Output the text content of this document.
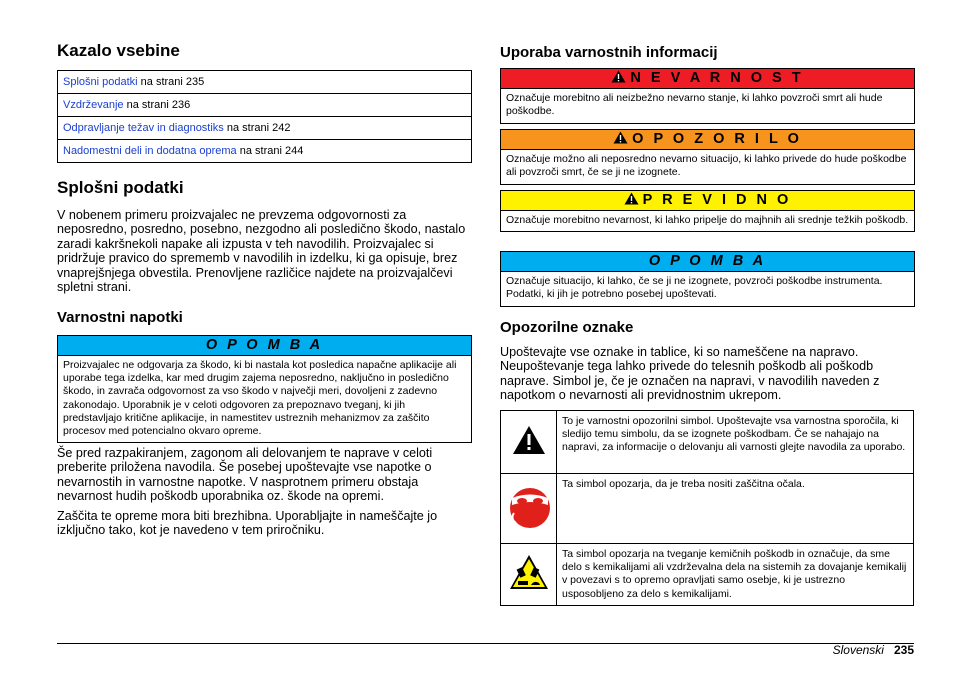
Kazalo vsebine
Splošni podatki na strani 235
Vzdrževanje na strani 236
Odpravljanje težav in diagnostiks na strani 242
Nadomestni deli in dodatna oprema na strani 244
Splošni podatki

V nobenem primeru proizvajalec ne prevzema odgovornosti za neposredno, posredno, posebno, nezgodno ali posledično škodo, nastalo zaradi kakršnekoli napake ali izpusta v teh navodilih. Proizvajalec si pridržuje pravico do sprememb v navodilih in izdelku, ki ga opisuje, brez vnaprejšnjega obvestila. Prenovljene različice najdete na proizvajalčevi spletni strani.

Varnostni napotki
O P O M B A
Proizvajalec ne odgovarja za škodo, ki bi nastala kot posledica napačne aplikacije ali uporabe tega izdelka, kar med drugim zajema neposredno, naključno in posledično škodo, in zavrača odgovornost za vso škodo v največji meri, dovoljeni z zadevno zakonodajo. Uporabnik je v celoti odgovoren za prepoznavo tveganj, ki jih predstavljajo kritične aplikacije, in namestitev ustreznih mehanizmov za zaščito procesov med potencialno okvaro opreme.

Še pred razpakiranjem, zagonom ali delovanjem te naprave v celoti preberite priložena navodila. Še posebej upoštevajte vse napotke o nevarnostih in varnostne napotke. V nasprotnem primeru obstaja nevarnost hudih poškodb uporabnika oz. škode na opremi.

Zaščita te opreme mora biti brezhibna. Uporabljajte in nameščajte jo izključno tako, kot je navedeno v tem priročniku.

Uporaba varnostnih informacij
N E V A R N O S T
Označuje morebitno ali neizbežno nevarno stanje, ki lahko povzroči smrt ali hude poškodbe.
O P O Z O R I L O
Označuje možno ali neposredno nevarno situacijo, ki lahko privede do hude poškodbe ali povzroči smrt, če se ji ne izognete.
P R E V I D N O
Označuje morebitno nevarnost, ki lahko pripelje do majhnih ali srednje težkih poškodb.
O P O M B A
Označuje situacijo, ki lahko, če se ji ne izognete, povzroči poškodbe instrumenta. Podatki, ki jih je potrebno posebej upoštevati.
Opozorilne oznake

Upoštevajte vse oznake in tablice, ki so nameščene na napravo. Neupoštevanje tega lahko privede do telesnih poškodb ali poškodb naprave. Simbol je, če je označen na napravi, v navodilih naveden z napotkom o nevarnosti ali previdnostnim ukrepom.

	To je varnostni opozorilni simbol. Upoštevajte vsa varnostna sporočila, ki sledijo temu simbolu, da se izognete poškodbam. Če se nahajajo na napravi, za informacije o delovanju ali varnosti glejte navodila za uporabo.
	Ta simbol opozarja, da je treba nositi zaščitna očala.
	Ta simbol opozarja na tveganje kemičnih poškodb in označuje, da sme delo s kemikalijami ali vzdrževalna dela na sistemih za dovajanje kemikalij v povezavi s to opremo opravljati samo osebje, ki je ustrezno usposobljeno za delo s kemikalijami.
Slovenski 235
